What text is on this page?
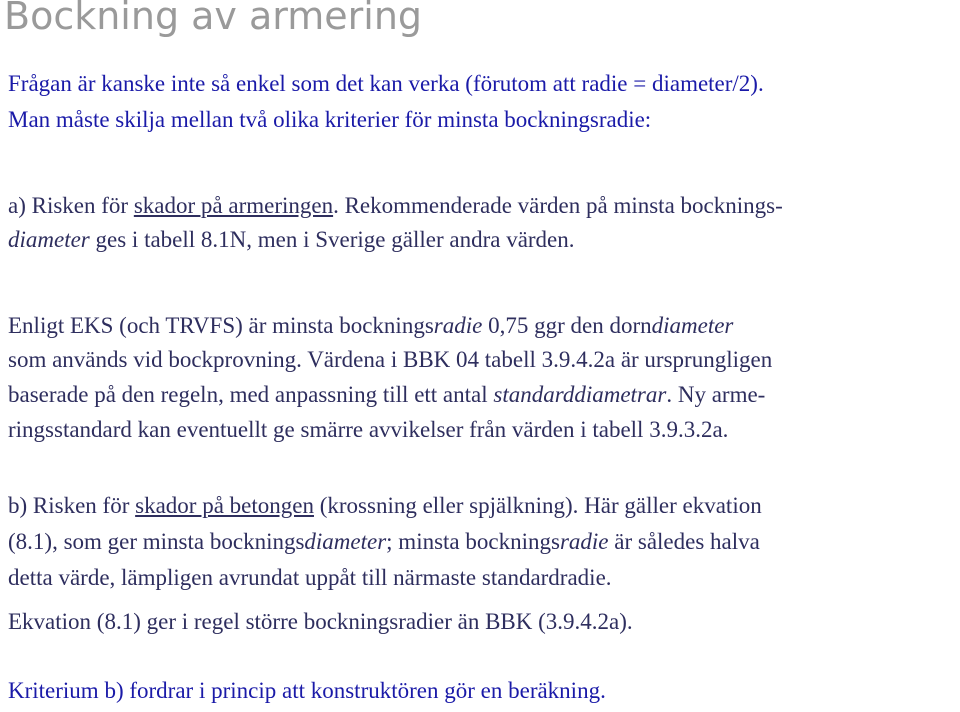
Bockning av armering
Frågan är kanske inte så enkel som det kan verka (förutom att radie = diameter/2).
Man måste skilja mellan två olika kriterier för minsta bockningsradie:
a) Risken för skador på armeringen. Rekommenderade värden på minsta bocknings-
diameter ges i tabell 8.1N, men i Sverige gäller andra värden.
Enligt EKS (och TRVFS) är minsta bockningsradie 0,75 ggr den dorndiameter
som används vid bockprovning. Värdena i BBK 04 tabell 3.9.4.2a är ursprungligen
baserade på den regeln, med anpassning till ett antal standarddiametrar. Ny arme-
ringsstandard kan eventuellt ge smärre avvikelser från värden i tabell 3.9.3.2a.
b) Risken för skador på betongen (krossning eller spjälkning). Här gäller ekvation
(8.1), som ger minsta bockningsdiameter; minsta bockningsradie är således halva
detta värde, lämpligen avrundat uppåt till närmaste standardradie.
Ekvation (8.1) ger i regel större bockningsradier än BBK (3.9.4.2a).
Kriterium b) fordrar i princip att konstruktören gör en beräkning.
